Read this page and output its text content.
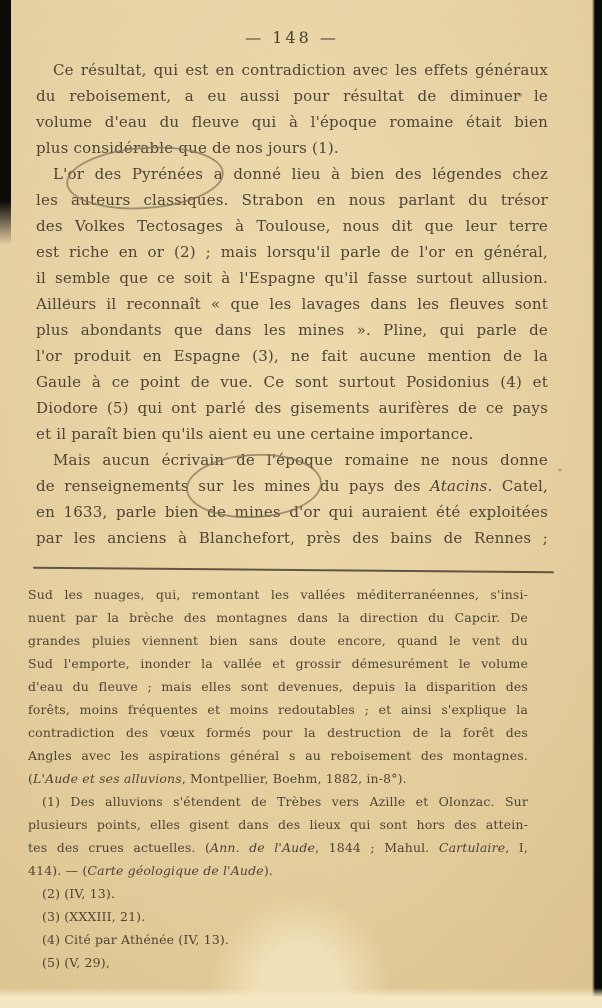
— 148 —
Ce résultat, qui est en contradiction avec les effets généraux
du reboisement, a eu aussi pour résultat de diminuer le
volume d'eau du fleuve qui à l'époque romaine était bien
plus considérable que de nos jours (1).
L'or des Pyrénées a donné lieu à bien des légendes chez
les auteurs classiques. Strabon en nous parlant du trésor
des Volkes Tectosages à Toulouse, nous dit que leur terre
est riche en or (2) ; mais lorsqu'il parle de l'or en général,
il semble que ce soit à l'Espagne qu'il fasse surtout allusion.
Ailleurs il reconnaît « que les lavages dans les fleuves sont
plus abondants que dans les mines ». Pline, qui parle de
l'or produit en Espagne (3), ne fait aucune mention de la
Gaule à ce point de vue. Ce sont surtout Posidonius (4) et
Diodore (5) qui ont parlé des gisements aurifères de ce pays
et il paraît bien qu'ils aient eu une certaine importance.
Mais aucun écrivain de l'époque romaine ne nous donne
de renseignements sur les mines du pays des Atacins. Catel,
en 1633, parle bien de mines d'or qui auraient été exploitées
par les anciens à Blanchefort, près des bains de Rennes ;
Sud les nuages, qui, remontant les vallées méditerranéennes, s'insi-
nuent par la brèche des montagnes dans la direction du Capcir. De
grandes pluies viennent bien sans doute encore, quand le vent du
Sud l'emporte, inonder la vallée et grossir démesurément le volume
d'eau du fleuve ; mais elles sont devenues, depuis la disparition des
forêts, moins fréquentes et moins redoutables ; et ainsi s'explique la
contradiction des vœux formés pour la destruction de la forêt des
Angles avec les aspirations général s au reboisement des montagnes.
(L'Aude et ses alluvions, Montpellier, Boehm, 1882, in-8°).
(1) Des alluvions s'étendent de Trèbes vers Azille et Olonzac. Sur
plusieurs points, elles gisent dans des lieux qui sont hors des attein-
tes des crues actuelles. (Ann. de l'Aude, 1844 ; Mahul. Cartulaire, I,
414). — (Carte géologique de l'Aude).
(2) (IV, 13).
(3) (XXXIII, 21).
(4) Cité par Athénée (IV, 13).
(5) (V, 29),
